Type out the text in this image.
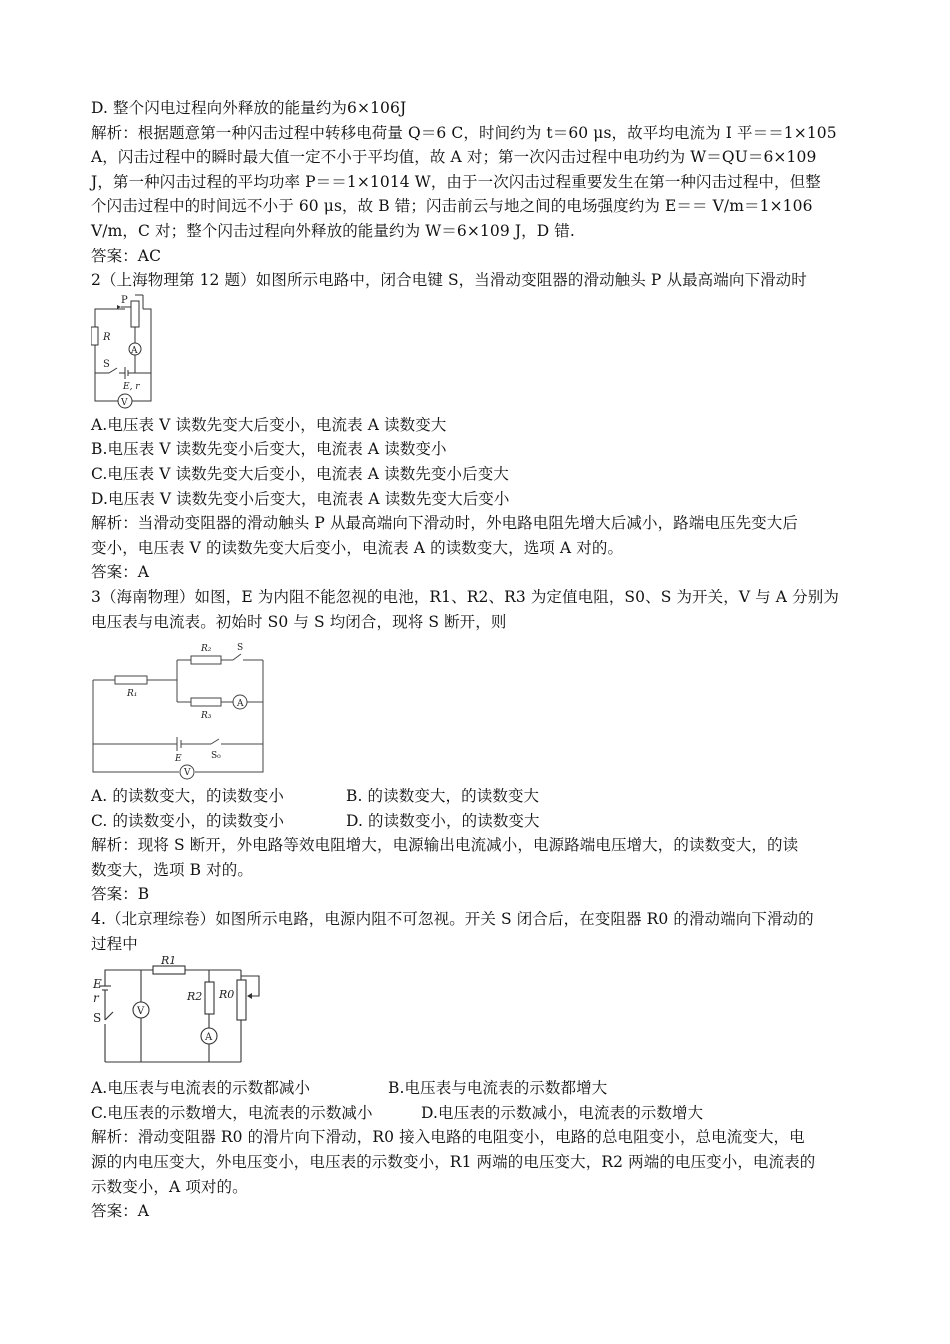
D. 整个闪电过程向外释放的能量约为6×106J
解析：根据题意第一种闪击过程中转移电荷量 Q＝6 C，时间约为 t＝60 μs，故平均电流为 I 平＝＝1×105
A，闪击过程中的瞬时最大值一定不小于平均值，故 A 对；第一次闪击过程中电功约为 W＝QU＝6×109
J，第一种闪击过程的平均功率 P＝＝1×1014 W，由于一次闪击过程重要发生在第一种闪击过程中，但整
个闪击过程中的时间远不小于 60 μs，故 B 错；闪击前云与地之间的电场强度约为 E＝＝ V/m＝1×106
V/m，C 对；整个闪击过程向外释放的能量约为 W＝6×109 J，D 错.
答案：AC
2（上海物理第 12 题）如图所示电路中，闭合电键 S，当滑动变阻器的滑动触头 P 从最高端向下滑动时
P
R
A
S
E, r
V
A.电压表 V 读数先变大后变小，电流表 A 读数变大
B.电压表 V 读数先变小后变大，电流表 A 读数变小
C.电压表 V 读数先变大后变小，电流表 A 读数先变小后变大
D.电压表 V 读数先变小后变大，电流表 A 读数先变大后变小
解析：当滑动变阻器的滑动触头 P 从最高端向下滑动时，外电路电阻先增大后减小，路端电压先变大后
变小，电压表 V 的读数先变大后变小，电流表 A 的读数变大，选项 A 对的。
答案：A
3（海南物理）如图，E 为内阻不能忽视的电池，R1、R2、R3 为定值电阻，S0、S 为开关，V 与 A 分别为
电压表与电流表。初始时 S0 与 S 均闭合，现将 S 断开，则
R₁
R₂	S
R₃
A
E	S₀
V
A. 的读数变大，的读数变小	B. 的读数变大，的读数变大
C. 的读数变小，的读数变小	D. 的读数变小，的读数变大
解析：现将 S 断开，外电路等效电阻增大，电源输出电流减小，电源路端电压增大，的读数变大，的读
数变大，选项 B 对的。
答案：B
4.（北京理综卷）如图所示电路，电源内阻不可忽视。开关 S 闭合后，在变阻器 R0 的滑动端向下滑动的
过程中
E
r
S	V
R1
R2 R0
A
A.电压表与电流表的示数都减小	B.电压表与电流表的示数都增大
C.电压表的示数增大，电流表的示数减小	D.电压表的示数减小，电流表的示数增大
解析：滑动变阻器 R0 的滑片向下滑动，R0 接入电路的电阻变小，电路的总电阻变小，总电流变大，电
源的内电压变大，外电压变小，电压表的示数变小，R1 两端的电压变大，R2 两端的电压变小，电流表的
示数变小，A 项对的。
答案：A
